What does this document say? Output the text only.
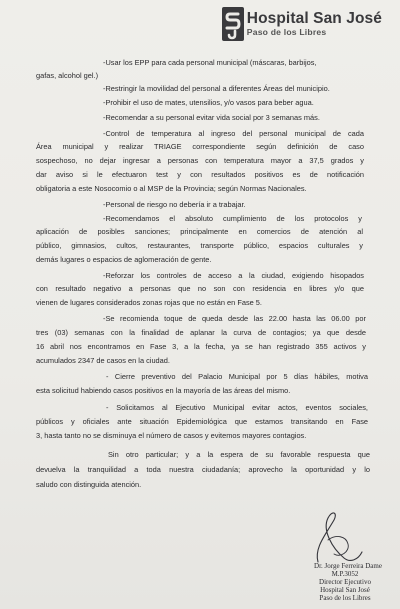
Hospital San José
Paso de los Libres
-Usar los EPP para cada personal municipal (máscaras, barbijos,
gafas, alcohol gel.)
-Restringir la movilidad del personal a diferentes Áreas del municipio.
-Prohibir el uso de mates, utensilios, y/o vasos para beber agua.
-Recomendar a su personal evitar vida social por 3 semanas más.
-Control de temperatura al ingreso del personal municipal de cada
Área municipal y realizar TRIAGE correspondiente según definición de caso
sospechoso, no dejar ingresar a personas con temperatura mayor a 37,5 grados y
dar aviso si le efectuaron test y con resultados positivos es de notificación
obligatoria a este Nosocomio o al MSP de la Provincia; según Normas Nacionales.
-Personal de riesgo no debería ir a trabajar.
-Recomendamos el absoluto cumplimiento de los protocolos y
aplicación de posibles sanciones; principalmente en comercios de atención al
público, gimnasios, cultos, restaurantes, transporte público, espacios culturales y
demás lugares o espacios de aglomeración de gente.
-Reforzar los controles de acceso a la ciudad, exigiendo hisopados
con resultado negativo a personas que no son con residencia en libres y/o que
vienen de lugares considerados zonas rojas que no están en Fase 5.
-Se recomienda toque de queda desde las 22.00 hasta las 06.00 por
tres (03) semanas con la finalidad de aplanar la curva de contagios; ya que desde
16 abril nos encontramos en Fase 3, a la fecha, ya se han registrado 355 activos y
acumulados 2347 de casos en la ciudad.
- Cierre preventivo del Palacio Municipal por 5 días hábiles, motiva
esta solicitud habiendo casos positivos en la mayoría de las áreas del mismo.
- Solicitamos al Ejecutivo Municipal evitar actos, eventos sociales,
públicos y oficiales ante situación Epidemiológica que estamos transitando en Fase
3, hasta tanto no se disminuya el número de casos y evitemos mayores contagios.
Sin otro particular; y a la espera de su favorable respuesta que
devuelva la tranquilidad a toda nuestra ciudadanía; aprovecho la oportunidad y lo
saludo con distinguida atención.
Dr. Jorge Ferreira Dame
M.P.3052
Director Ejecutivo
Hospital San José
Paso de los Libres
